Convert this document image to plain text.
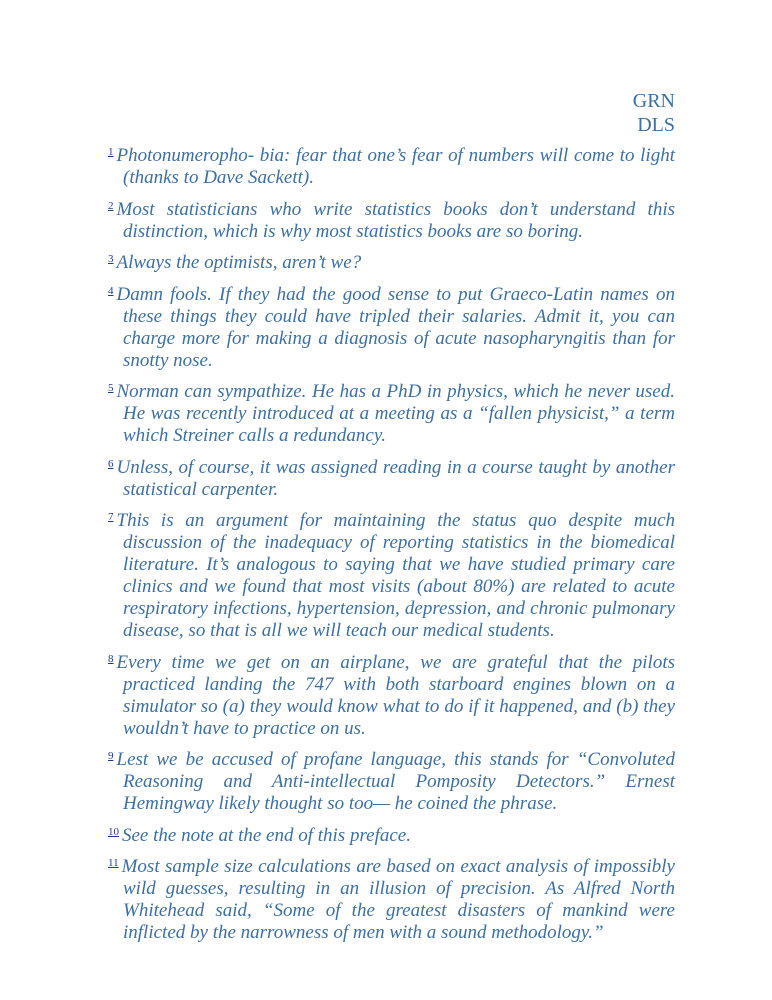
GRN
DLS
$^1$ Photonumeropho- bia: fear that one’s fear of numbers will come to light (thanks to Dave Sackett).
$^2$ Most statisticians who write statistics books don’t understand this distinction, which is why most statistics books are so boring.
$^3$ Always the optimists, aren’t we?
$^4$ Damn fools. If they had the good sense to put Graeco-Latin names on these things they could have tripled their salaries. Admit it, you can charge more for making a diagnosis of acute nasopharyngitis than for snotty nose.
$^5$ Norman can sympathize. He has a PhD in physics, which he never used. He was recently introduced at a meeting as a “fallen physicist,” a term which Streiner calls a redundancy.
$^6$ Unless, of course, it was assigned reading in a course taught by another statistical carpenter.
$^7$ This is an argument for maintaining the status quo despite much discussion of the inadequacy of reporting statistics in the biomedical literature. It’s analogous to saying that we have studied primary care clinics and we found that most visits (about 80%) are related to acute respiratory infections, hypertension, depression, and chronic pulmonary disease, so that is all we will teach our medical students.
$^8$ Every time we get on an airplane, we are grateful that the pilots practiced landing the 747 with both starboard engines blown on a simulator so (a) they would know what to do if it happened, and (b) they wouldn’t have to practice on us.
$^9$ Lest we be accused of profane language, this stands for “Convoluted Reasoning and Anti-intellectual Pomposity Detectors.” Ernest Hemingway likely thought so too— he coined the phrase.
$^{10}$ See the note at the end of this preface.
$^{11}$ Most sample size calculations are based on exact analysis of impossibly wild guesses, resulting in an illusion of precision. As Alfred North Whitehead said, “Some of the greatest disasters of mankind were inflicted by the narrowness of men with a sound methodology.”
